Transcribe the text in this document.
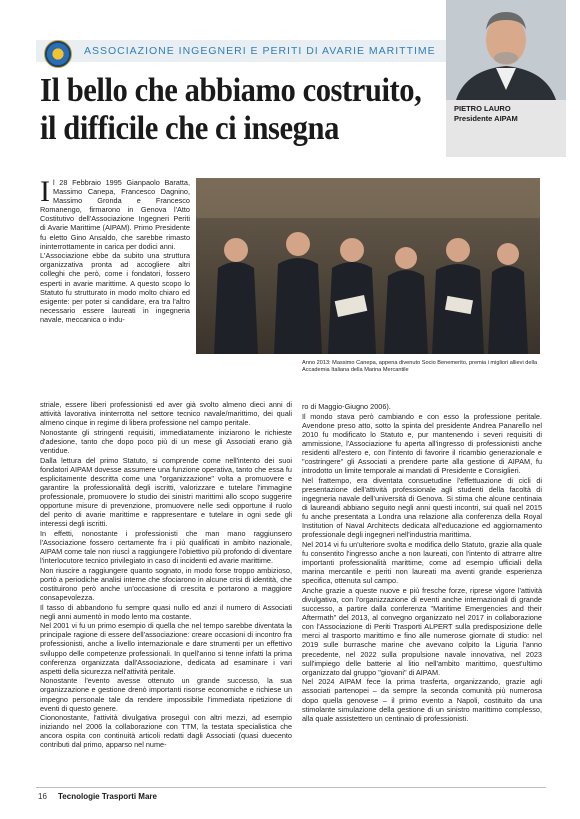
ASSOCIAZIONE INGEGNERI E PERITI DI AVARIE MARITTIME
PIETRO LAURO
Presidente AIPAM
Il bello che abbiamo costruito,
il difficile che ci insegna
Anno 2013: Massimo Canepa, appena divenuto Socio Benemerito, premia i migliori allievi della Accademia Italiana della Marina Mercantile
I l 28 Febbraio 1995 Gianpaolo Baratta, Massimo Canepa, Francesco Dagnino, Massimo Gronda e Francesco Romanengo, firmarono in Genova l'Atto Costitutivo dell'Associazione Ingegneri Periti di Avarie Marittime (AIPAM). Primo Presidente fu eletto Gino Ansaldo, che sarebbe rimasto ininterrottamente in carica per dodici anni.

L'Associazione ebbe da subito una struttura organizzativa pronta ad accogliere altri colleghi che però, come i fondatori, fossero esperti in avarie marittime. A questo scopo lo Statuto fu strutturato in modo molto chiaro ed esigente: per poter si candidare, era tra l'altro necessario essere laureati in ingegneria navale, meccanica o indu-

striale, essere liberi professionisti ed aver già svolto almeno dieci anni di attività lavorativa ininterrotta nel settore tecnico navale/marittimo, dei quali almeno cinque in regime di libera professione nel campo peritale.

Nonostante gli stringenti requisiti, immediatamente iniziarono le richieste d'adesione, tanto che dopo poco più di un mese gli Associati erano già ventidue.

Dalla lettura del primo Statuto, si comprende come nell'intento dei suoi fondatori AIPAM dovesse assumere una funzione operativa, tanto che essa fu esplicitamente descritta come una "organizzazione" volta a promuovere e garantire la professionalità degli iscritti, valorizzare e tutelare l'immagine professionale, promuovere lo studio dei sinistri marittimi allo scopo suggerire opportune misure di prevenzione, promuovere nelle sedi opportune il ruolo del perito di avarie marittime e rappresentare e tutelare in ogni sede gli interessi degli iscritti.

In effetti, nonostante i professionisti che man mano raggiunsero l'Associazione fossero certamente fra i più qualificati in ambito nazionale, AIPAM come tale non riuscì a raggiungere l'obiettivo più profondo di diventare l'interlocutore tecnico privilegiato in caso di incidenti ed avarie marittime.

Non riuscire a raggiungere quanto sognato, in modo forse troppo ambizioso, portò a periodiche analisi interne che sfociarono in alcune crisi di identità, che costituirono però anche un'occasione di crescita e portarono a maggiore consapevolezza.

Il tasso di abbandono fu sempre quasi nullo ed anzi il numero di Associati negli anni aumentò in modo lento ma costante.

Nel 2001 vi fu un primo esempio di quella che nel tempo sarebbe diventata la principale ragione di essere dell'associazione: creare occasioni di incontro fra professionisti, anche a livello internazionale e dare strumenti per un effettivo sviluppo delle competenze professionali. In quell'anno si tenne infatti la prima conferenza organizzata dall'Associazione, dedicata ad esaminare i vari aspetti della sicurezza nell'attività peritale.

Nonostante l'evento avesse ottenuto un grande successo, la sua organizzazione e gestione drenò importanti risorse economiche e richiese un impegno personale tale da rendere impossibile l'immediata ripetizione di eventi di questo genere.

Ciononostante, l'attività divulgativa proseguì con altri mezzi, ad esempio iniziando nel 2006 la collaborazione con TTM, la testata specialistica che ancora ospita con continuità articoli redatti dagli Associati (quasi duecento contributi dal primo, apparso nel nume-

ro di Maggio-Giugno 2006).

Il mondo stava però cambiando e con esso la professione peritale. Avendone preso atto, sotto la spinta del presidente Andrea Panarello nel 2010 fu modificato lo Statuto e, pur mantenendo i severi requisiti di ammissione, l'Associazione fu aperta all'ingresso di professionisti anche residenti all'estero e, con l'intento di favorire il ricambio generazionale e "costringere" gli Associati a prendere parte alla gestione di AIPAM, fu introdotto un limite temporale ai mandati di Presidente e Consiglieri.

Nel frattempo, era diventata consuetudine l'effettuazione di cicli di presentazione dell'attività professionale agli studenti della facoltà di ingegneria navale dell'università di Genova. Si stima che alcune centinaia di laureandi abbiano seguito negli anni questi incontri, sui quali nel 2015 fu anche presentata a Londra una relazione alla conferenza della Royal Institution of Naval Architects dedicata all'educazione ed aggiornamento professionale degli ingegneri nell'industria marittima.

Nel 2014 vi fu un'ulteriore svolta e modifica dello Statuto, grazie alla quale fu consentito l'ingresso anche a non laureati, con l'intento di attrarre altre importanti professionalità marittime, come ad esempio ufficiali della marina mercantile e periti non laureati ma aventi grande esperienza specifica, ottenuta sul campo.

Anche grazie a queste nuove e più fresche forze, riprese vigore l'attività divulgativa, con l'organizzazione di eventi anche internazionali di grande successo, a partire dalla conferenza "Maritime Emergencies and their Aftermath" del 2013, al convegno organizzato nel 2017 in collaborazione con l'Associazione di Periti Trasporti ALPERT sulla predisposizione delle merci al trasporto marittimo e fino alle numerose giornate di studio: nel 2019 sulle burrasche marine che avevano colpito la Liguria l'anno precedente, nel 2022 sulla propulsione navale innovativa, nel 2023 sull'impiego delle batterie al litio nell'ambito marittimo, quest'ultimo organizzato dal gruppo "giovani" di AIPAM.

Nel 2024 AIPAM fece la prima trasferta, organizzando, grazie agli associati partenopei – da sempre la seconda comunità più numerosa dopo quella genovese – il primo evento a Napoli, costituito da una stimolante simulazione della gestione di un sinistro marittimo complesso, alla quale assistettero un centinaio di professionisti.

16 Tecnologie Trasporti Mare
